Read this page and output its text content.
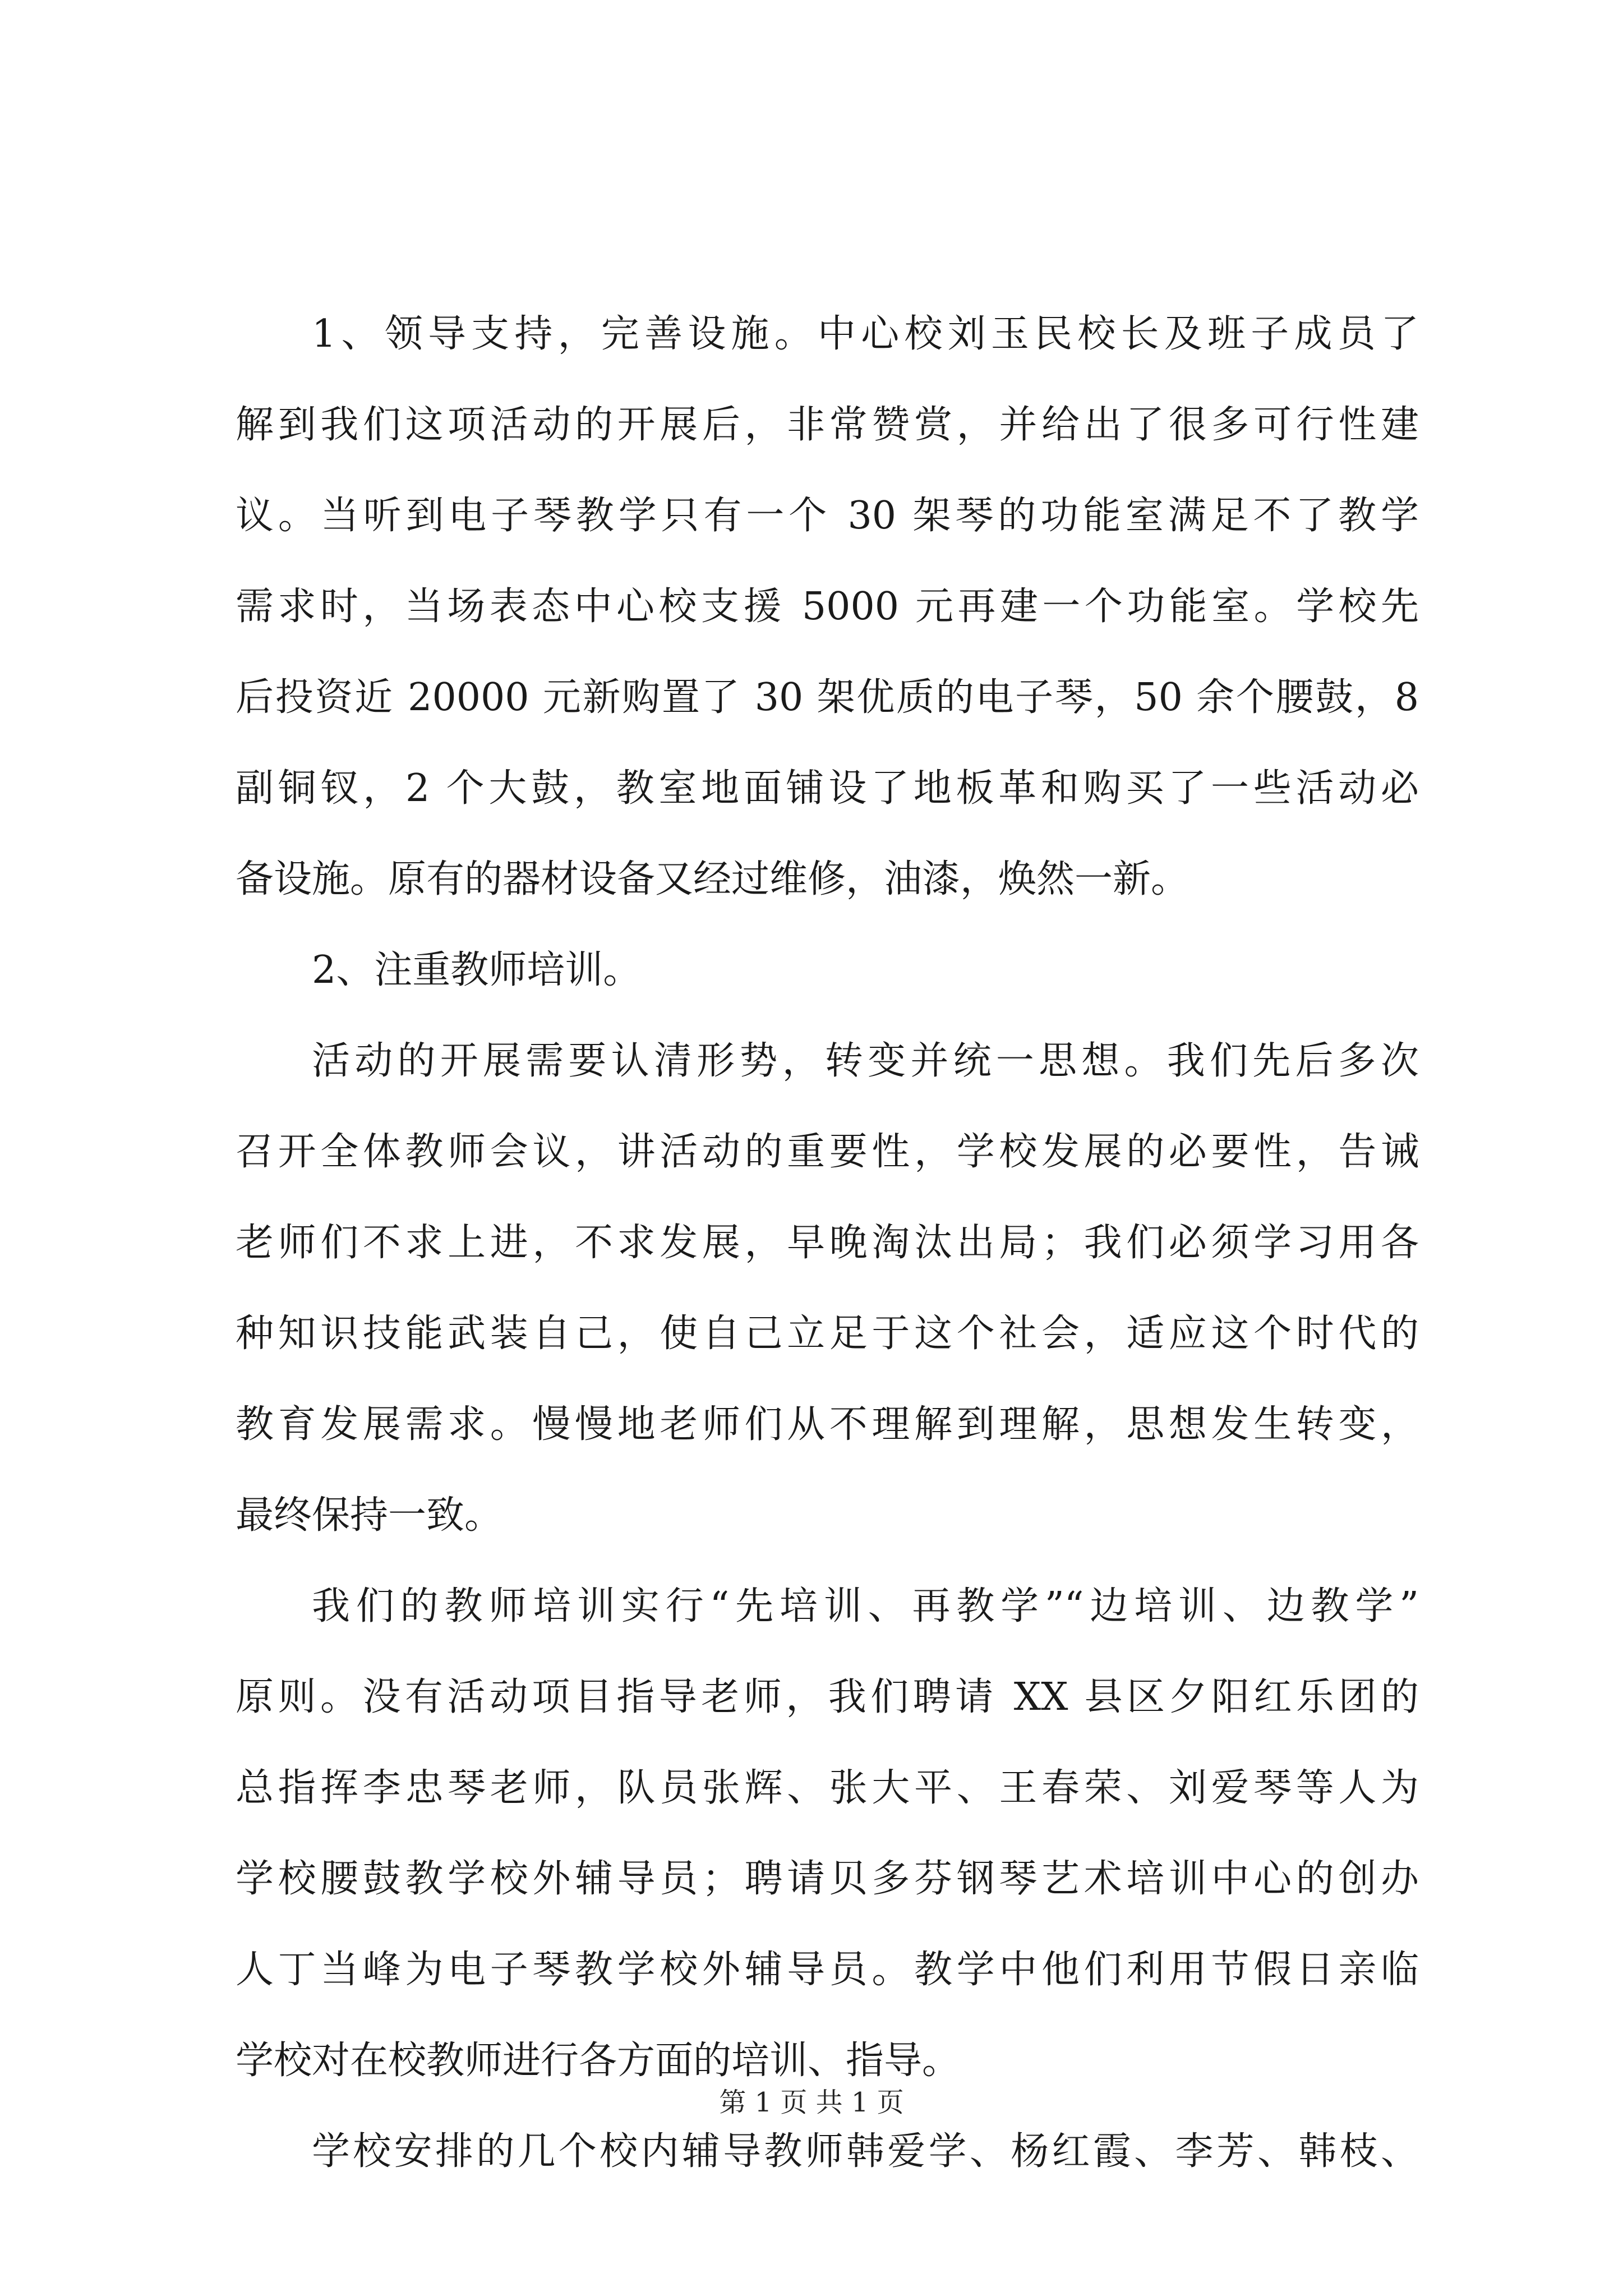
1、领导支持，完善设施。中心校刘玉民校长及班子成员了
解到我们这项活动的开展后，非常赞赏，并给出了很多可行性建
议。当听到电子琴教学只有一个 30 架琴的功能室满足不了教学
需求时，当场表态中心校支援 5000 元再建一个功能室。学校先
后投资近 20000 元新购置了 30 架优质的电子琴，50 余个腰鼓，8
副铜钗，2 个大鼓，教室地面铺设了地板革和购买了一些活动必
备设施。原有的器材设备又经过维修，油漆，焕然一新。
2、注重教师培训。
活动的开展需要认清形势，转变并统一思想。我们先后多次
召开全体教师会议，讲活动的重要性，学校发展的必要性，告诫
老师们不求上进，不求发展，早晚淘汰出局；我们必须学习用各
种知识技能武装自己，使自己立足于这个社会，适应这个时代的
教育发展需求。慢慢地老师们从不理解到理解，思想发生转变，
最终保持一致。
我们的教师培训实行“先培训、再教学”“边培训、边教学”
原则。没有活动项目指导老师，我们聘请 XX 县区夕阳红乐团的
总指挥李忠琴老师，队员张辉、张大平、王春荣、刘爱琴等人为
学校腰鼓教学校外辅导员；聘请贝多芬钢琴艺术培训中心的创办
人丁当峰为电子琴教学校外辅导员。教学中他们利用节假日亲临
学校对在校教师进行各方面的培训、指导。
学校安排的几个校内辅导教师韩爱学、杨红霞、李芳、韩枝、
第 1 页 共 1 页
